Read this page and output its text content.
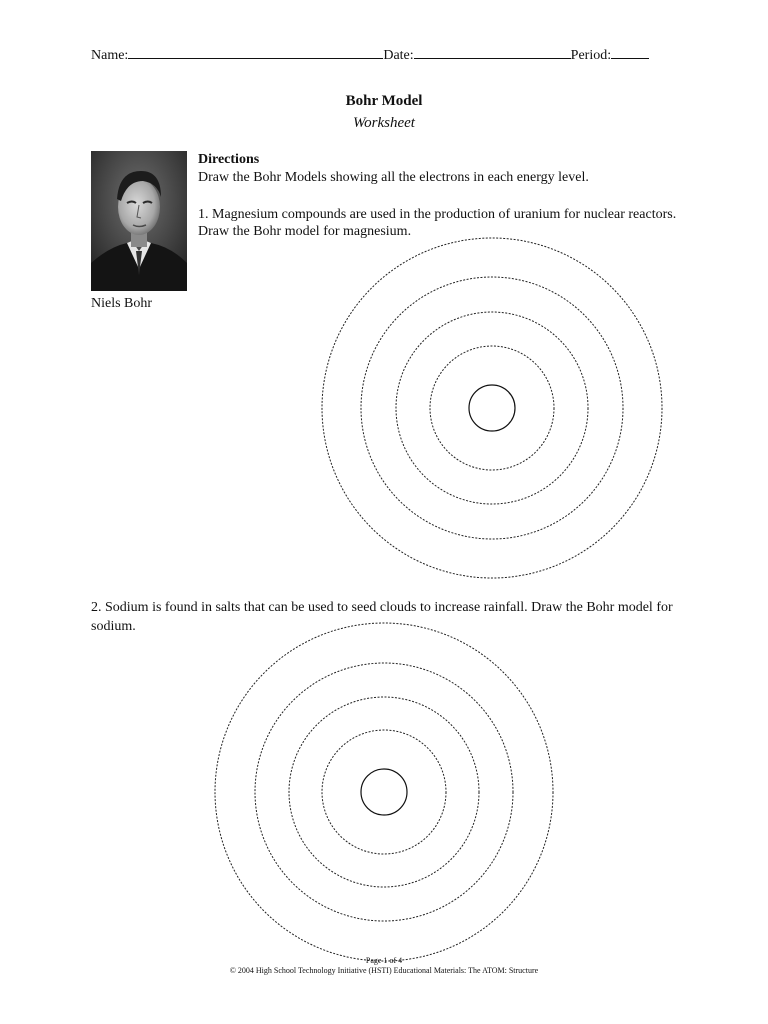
Name:	Date:	Period:
Bohr Model
Worksheet
Niels Bohr
Directions
Draw the Bohr Models showing all the electrons in each energy level.
1. Magnesium compounds are used in the production of uranium for nuclear reactors. Draw the Bohr model for magnesium.
2. Sodium is found in salts that can be used to seed clouds to increase rainfall. Draw the Bohr model for sodium.
Page 1 of 4
© 2004 High School Technology Initiative (HSTI) Educational Materials: The ATOM: Structure
